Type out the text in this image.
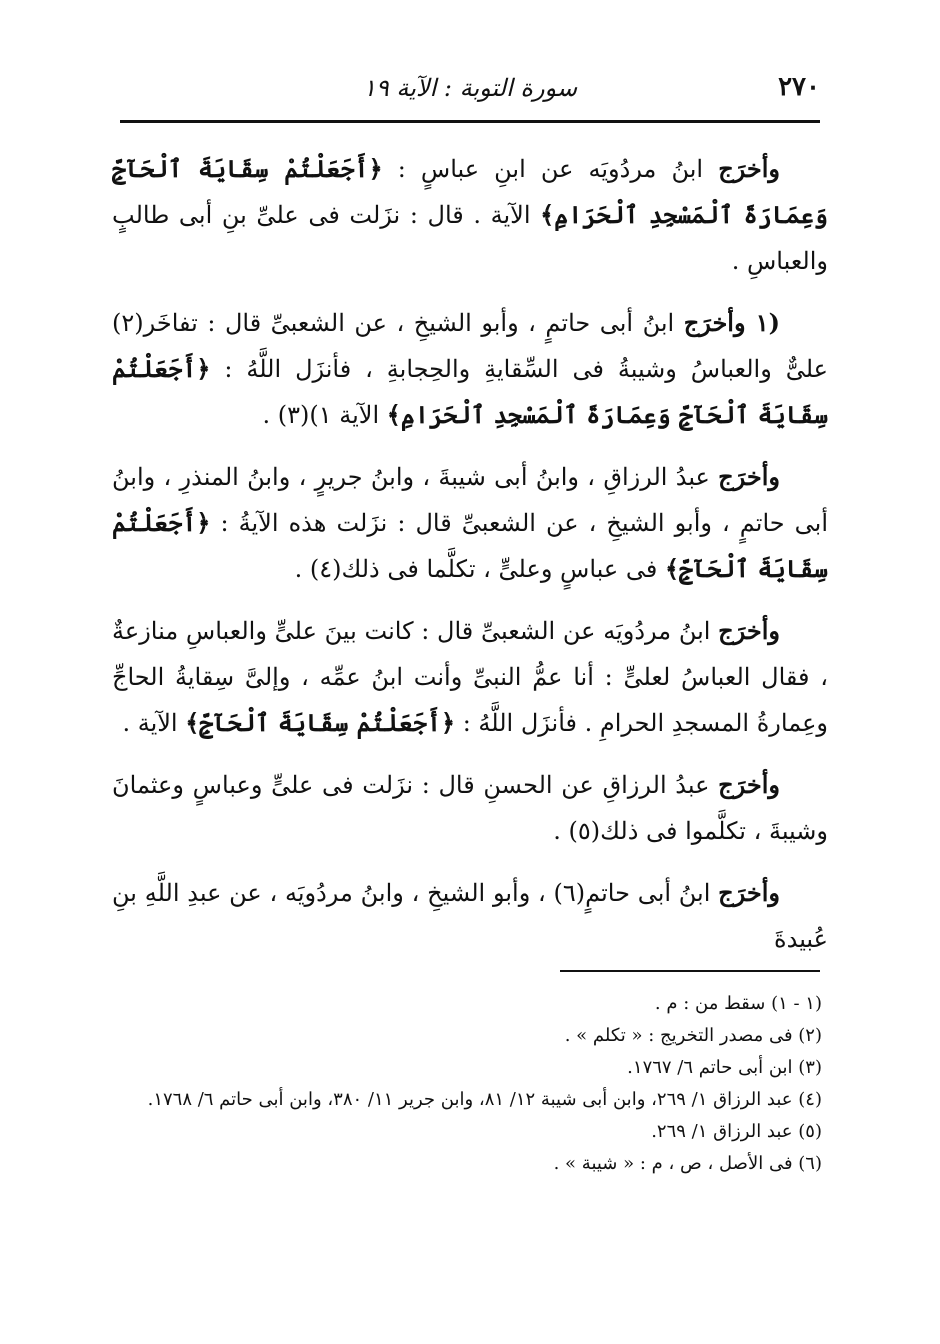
٢٧٠
سورة التوبة : الآية ١٩

وأخرَج ابنُ مردُويَه عن ابنِ عباسٍ : ﴿أَجَعَلْتُمْ سِقَايَةَ ٱلْحَآجِّ وَعِمَارَةَ ٱلْمَسْجِدِ ٱلْحَرَامِ﴾ الآية . قال : نزَلت فى علىِّ بنِ أبى طالبٍ والعباسِ .

(١ وأخرَج ابنُ أبى حاتمٍ ، وأبو الشيخِ ، عن الشعبىِّ قال : تفاخَر(٢) علىٌّ والعباسُ وشيبةُ فى السِّقايةِ والحِجابةِ ، فأنزَل اللَّهُ : ﴿أَجَعَلْتُمْ سِقَايَةَ ٱلْحَآجِّ وَعِمَارَةَ ٱلْمَسْجِدِ ٱلْحَرَامِ﴾ الآية ١)(٣) .

وأخرَج عبدُ الرزاقِ ، وابنُ أبى شيبةَ ، وابنُ جريرٍ ، وابنُ المنذرِ ، وابنُ أبى حاتمٍ ، وأبو الشيخِ ، عن الشعبىِّ قال : نزَلت هذه الآيةُ : ﴿أَجَعَلْتُمْ سِقَايَةَ ٱلْحَآجِّ﴾ فى عباسٍ وعلىٍّ ، تكلَّما فى ذلك(٤) .

وأخرَج ابنُ مردُويَه عن الشعبىِّ قال : كانت بينَ علىٍّ والعباسِ منازعةٌ ، فقال العباسُ لعلىٍّ : أنا عمُّ النبىِّ وأنت ابنُ عمِّه ، وإلىَّ سِقايةُ الحاجِّ وعِمارةُ المسجدِ الحرامِ . فأنزَل اللَّهُ : ﴿أَجَعَلْتُمْ سِقَايَةَ ٱلْحَآجِّ﴾ الآية .

وأخرَج عبدُ الرزاقِ عن الحسنِ قال : نزَلت فى علىٍّ وعباسٍ وعثمانَ وشيبةَ ، تكلَّموا فى ذلك(٥) .

وأخرَج ابنُ أبى حاتمٍ(٦) ، وأبو الشيخِ ، وابنُ مردُويَه ، عن عبدِ اللَّهِ بنِ عُبيدةَ

(١ - ١) سقط من : م .

(٢) فى مصدر التخريج : « تكلم » .

(٣) ابن أبى حاتم ٦/ ١٧٦٧.

(٤) عبد الرزاق ١/ ٢٦٩، وابن أبى شيبة ١٢/ ٨١، وابن جرير ١١/ ٣٨٠، وابن أبى حاتم ٦/ ١٧٦٨.

(٥) عبد الرزاق ١/ ٢٦٩.

(٦) فى الأصل ، ص ، م : « شيبة » .
